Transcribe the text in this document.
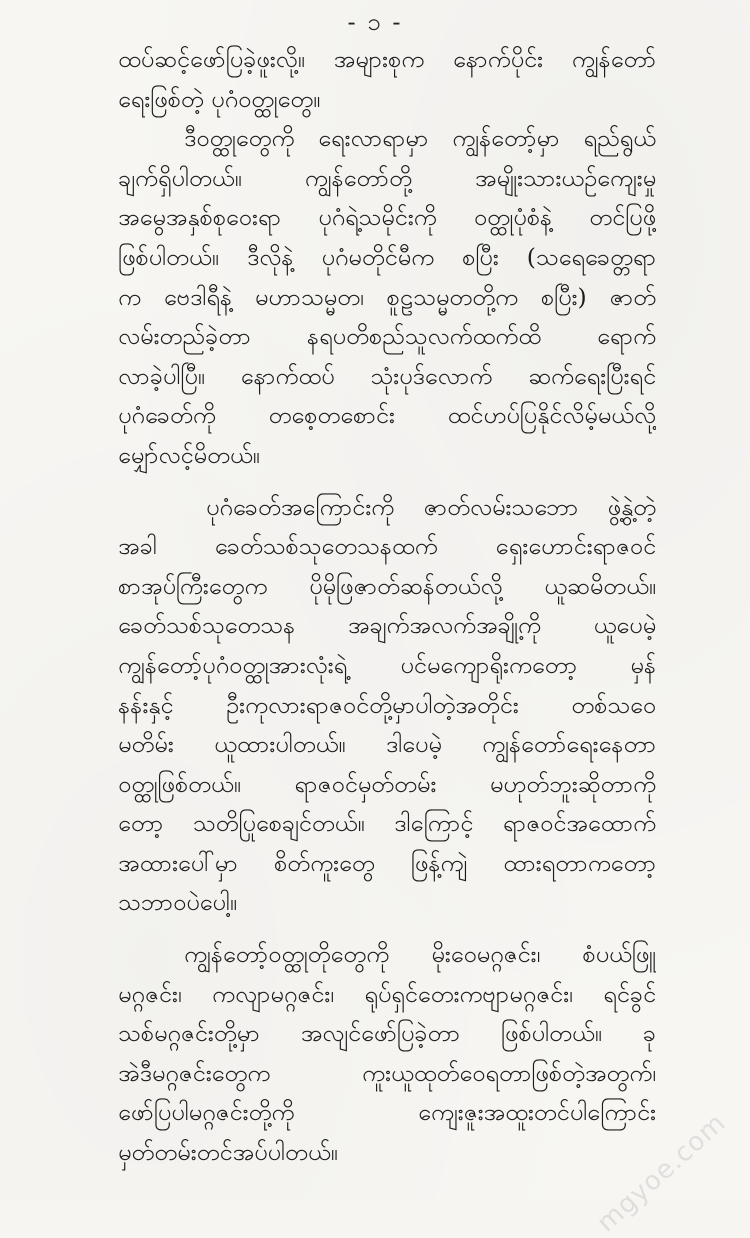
- ၁ -
ထပ်ဆင့်ဖော်ပြခဲ့ဖူးလို့။ အများစုက နောက်ပိုင်း ကျွန်တော်
ရေးဖြစ်တဲ့ ပုဂံဝတ္ထုတွေ။
ဒီဝတ္ထုတွေကို ရေးလာရာမှာ ကျွန်တော့်မှာ ရည်ရွယ်
ချက်ရှိပါတယ်။ ကျွန်တော်တို့ အမျိုးသားယဉ်ကျေးမှု
အမွေအနှစ်စုဝေးရာ ပုဂံရဲ့သမိုင်းကို ဝတ္ထုပုံစံနဲ့ တင်ပြဖို့
ဖြစ်ပါတယ်။ ဒီလိုနဲ့ ပုဂံမတိုင်မီက စပြီး (သရေခေတ္တရာ
က ဗေဒါရီနဲ့ မဟာသမ္မတ၊ စူဠသမ္မတတို့က စပြီး) ဇာတ်
လမ်းတည်ခဲ့တာ နရပတိစည်သူလက်ထက်ထိ ရောက်
လာခဲ့ပါပြီ။ နောက်ထပ် သုံးပုဒ်လောက် ဆက်ရေးပြီးရင်
ပုဂံခေတ်ကို တစေ့တစောင်း ထင်ဟပ်ပြနိုင်လိမ့်မယ်လို့
မျှော်လင့်မိတယ်။
ပုဂံခေတ်အကြောင်းကို ဇာတ်လမ်းသဘော ဖွဲ့နွဲ့တဲ့
အခါ ခေတ်သစ်သုတေသနထက် ရှေးဟောင်းရာဇဝင်
စာအုပ်ကြီးတွေက ပိုမိုဖြဇာတ်ဆန်တယ်လို့ ယူဆမိတယ်။
ခေတ်သစ်သုတေသန အချက်အလက်အချို့ကို ယူပေမဲ့
ကျွန်တော့်ပုဂံဝတ္ထုအားလုံးရဲ့ ပင်မကျောရိုးကတော့ မှန်
နန်းနှင့် ဦးကုလားရာဇဝင်တို့မှာပါတဲ့အတိုင်း တစ်သဝေ
မတိမ်း ယူထားပါတယ်။ ဒါပေမဲ့ ကျွန်တော်ရေးနေတာ
ဝတ္ထုဖြစ်တယ်။ ရာဇဝင်မှတ်တမ်း မဟုတ်ဘူးဆိုတာကို
တော့ သတိပြုစေချင်တယ်။ ဒါကြောင့် ရာဇဝင်အထောက်
အထားပေါ်မှာ စိတ်ကူးတွေ ဖြန့်ကျဲ ထားရတာကတော့
သဘာဝပဲပေါ့။
ကျွန်တော့်ဝတ္ထုတိုတွေကို မိုးဝေမဂ္ဂဇင်း၊ စံပယ်ဖြူ
မဂ္ဂဇင်း၊ ကလျာမဂ္ဂဇင်း၊ ရုပ်ရှင်တေးကဗျာမဂ္ဂဇင်း၊ ရင်ခွင်
သစ်မဂ္ဂဇင်းတို့မှာ အလျင်ဖော်ပြခဲ့တာ ဖြစ်ပါတယ်။ ခု
အဲဒီမဂ္ဂဇင်းတွေက ကူးယူထုတ်ဝေရတာဖြစ်တဲ့အတွက်၊
ဖော်ပြပါမဂ္ဂဇင်းတို့ကို ကျေးဇူးအထူးတင်ပါကြောင်း
မှတ်တမ်းတင်အပ်ပါတယ်။	mgyoe.com
